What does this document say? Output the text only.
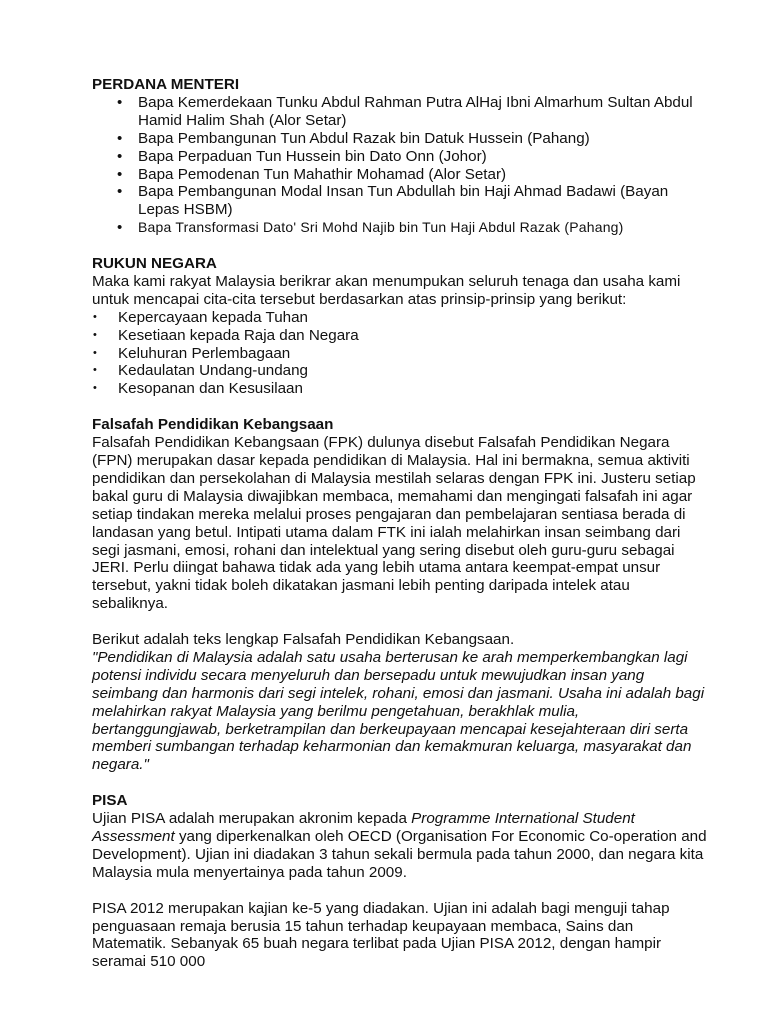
PERDANA MENTERI
• Bapa Kemerdekaan Tunku Abdul Rahman Putra AlHaj Ibni Almarhum Sultan Abdul Hamid Halim Shah (Alor Setar)
• Bapa Pembangunan Tun Abdul Razak bin Datuk Hussein (Pahang)
• Bapa Perpaduan Tun Hussein bin Dato Onn (Johor)
• Bapa Pemodenan Tun Mahathir Mohamad (Alor Setar)
• Bapa Pembangunan Modal Insan Tun Abdullah bin Haji Ahmad Badawi (Bayan Lepas HSBM)
• Bapa Transformasi Dato' Sri Mohd Najib bin Tun Haji Abdul Razak (Pahang)
RUKUN NEGARA

Maka kami rakyat Malaysia berikrar akan menumpukan seluruh tenaga dan usaha kami untuk mencapai cita-cita tersebut berdasarkan atas prinsip-prinsip yang berikut:

• Kepercayaan kepada Tuhan
• Kesetiaan kepada Raja dan Negara
• Keluhuran Perlembagaan
• Kedaulatan Undang-undang
• Kesopanan dan Kesusilaan
Falsafah Pendidikan Kebangsaan

Falsafah Pendidikan Kebangsaan (FPK) dulunya disebut Falsafah Pendidikan Negara (FPN) merupakan dasar kepada pendidikan di Malaysia. Hal ini bermakna, semua aktiviti pendidikan dan persekolahan di Malaysia mestilah selaras dengan FPK ini. Justeru setiap bakal guru di Malaysia diwajibkan membaca, memahami dan mengingati falsafah ini agar setiap tindakan mereka melalui proses pengajaran dan pembelajaran sentiasa berada di landasan yang betul. Intipati utama dalam FTK ini ialah melahirkan insan seimbang dari segi jasmani, emosi, rohani dan intelektual yang sering disebut oleh guru-guru sebagai JERI. Perlu diingat bahawa tidak ada yang lebih utama antara keempat-empat unsur tersebut, yakni tidak boleh dikatakan jasmani lebih penting daripada intelek atau sebaliknya.

Berikut adalah teks lengkap Falsafah Pendidikan Kebangsaan.

"Pendidikan di Malaysia adalah satu usaha berterusan ke arah memperkembangkan lagi potensi individu secara menyeluruh dan bersepadu untuk mewujudkan insan yang seimbang dan harmonis dari segi intelek, rohani, emosi dan jasmani. Usaha ini adalah bagi melahirkan rakyat Malaysia yang berilmu pengetahuan, berakhlak mulia, bertanggungjawab, berketrampilan dan berkeupayaan mencapai kesejahteraan diri serta memberi sumbangan terhadap keharmonian dan kemakmuran keluarga, masyarakat dan negara."

PISA

Ujian PISA adalah merupakan akronim kepada Programme International Student Assessment yang diperkenalkan oleh OECD (Organisation For Economic Co-operation and Development). Ujian ini diadakan 3 tahun sekali bermula pada tahun 2000, dan negara kita Malaysia mula menyertainya pada tahun 2009.

PISA 2012 merupakan kajian ke-5 yang diadakan. Ujian ini adalah bagi menguji tahap penguasaan remaja berusia 15 tahun terhadap keupayaan membaca, Sains dan Matematik. Sebanyak 65 buah negara terlibat pada Ujian PISA 2012, dengan hampir seramai 510 000
